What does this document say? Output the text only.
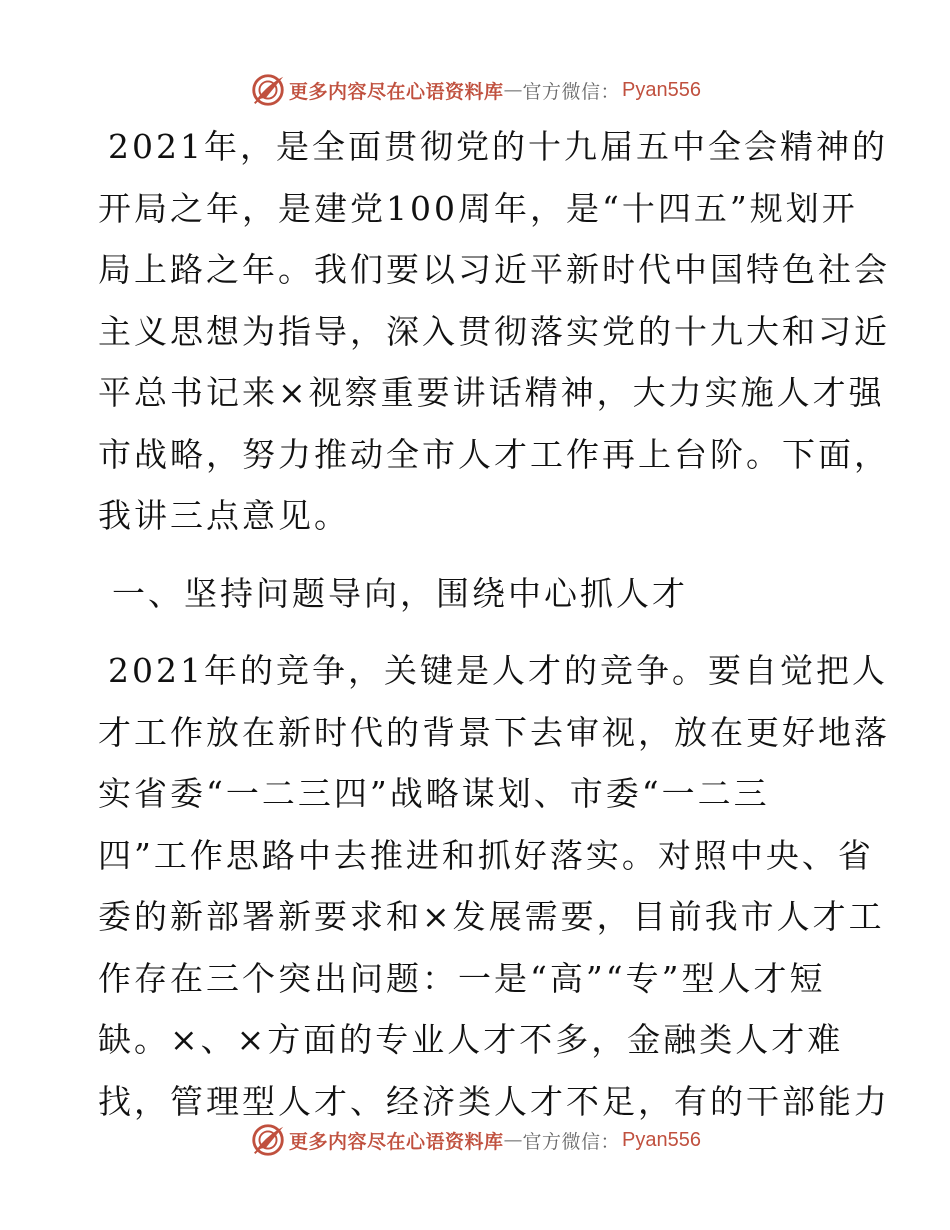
更多内容尽在心语资料库 — 官方微信： Pyan556

2021年，是全面贯彻党的十九届五中全会精神的
开局之年，是建党100周年，是“十四五”规划开
局上路之年。我们要以习近平新时代中国特色社会
主义思想为指导，深入贯彻落实党的十九大和习近
平总书记来×视察重要讲话精神，大力实施人才强
市战略，努力推动全市人才工作再上台阶。下面，
我讲三点意见。

一、坚持问题导向，围绕中心抓人才

2021年的竞争，关键是人才的竞争。要自觉把人
才工作放在新时代的背景下去审视，放在更好地落
实省委“一二三四”战略谋划、市委“一二三
四”工作思路中去推进和抓好落实。对照中央、省
委的新部署新要求和×发展需要，目前我市人才工
作存在三个突出问题：一是“高”“专”型人才短
缺。×、×方面的专业人才不多，金融类人才难
找，管理型人才、经济类人才不足，有的干部能力

更多内容尽在心语资料库 — 官方微信： Pyan556
